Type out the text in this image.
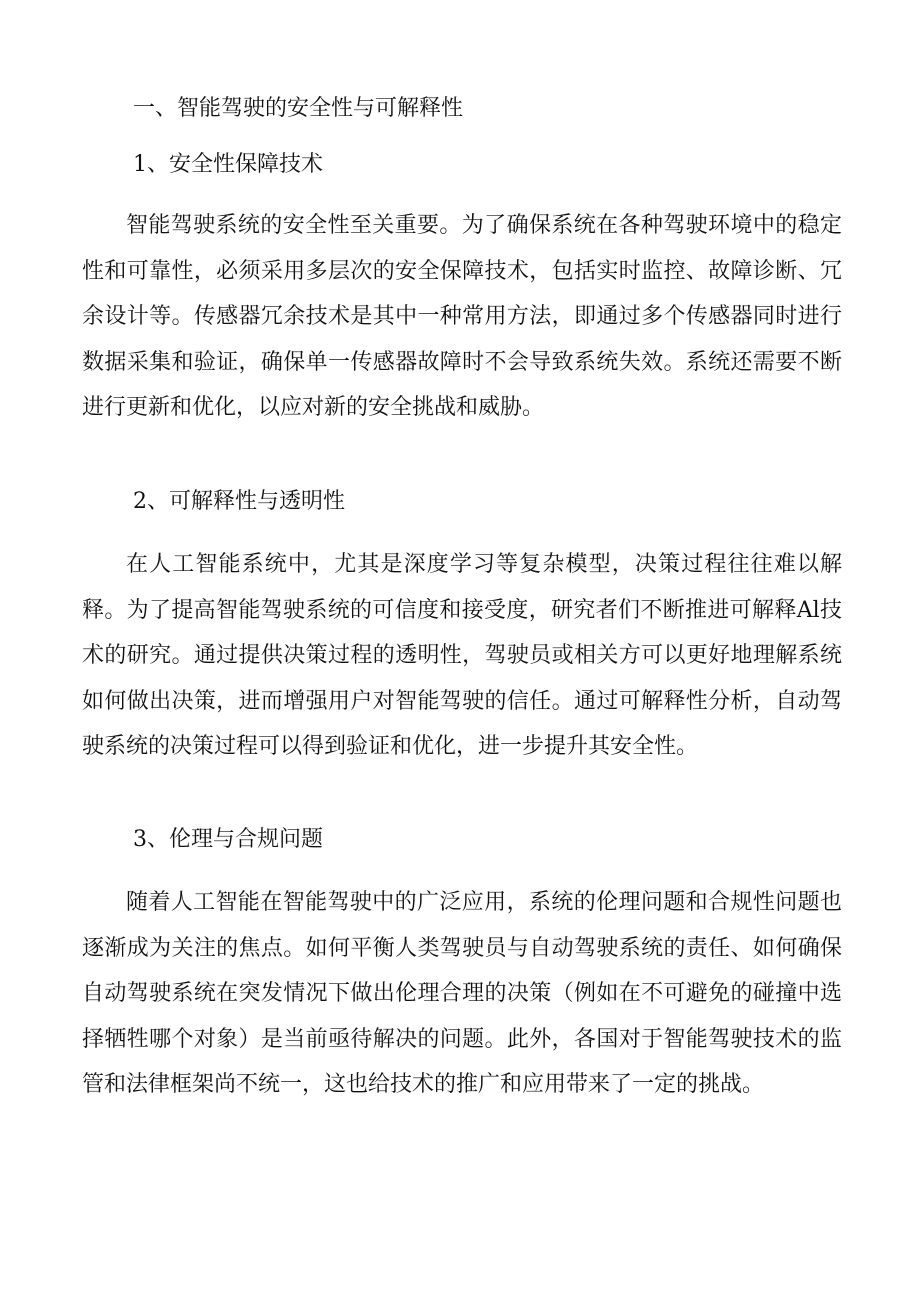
一、智能驾驶的安全性与可解释性
1、安全性保障技术

智能驾驶系统的安全性至关重要。为了确保系统在各种驾驶环境中的稳定性和可靠性，必须采用多层次的安全保障技术，包括实时监控、故障诊断、冗余设计等。传感器冗余技术是其中一种常用方法，即通过多个传感器同时进行数据采集和验证，确保单一传感器故障时不会导致系统失效。系统还需要不断进行更新和优化，以应对新的安全挑战和威胁。

2、可解释性与透明性

在人工智能系统中，尤其是深度学习等复杂模型，决策过程往往难以解释。为了提高智能驾驶系统的可信度和接受度，研究者们不断推进可解释Al技术的研究。通过提供决策过程的透明性，驾驶员或相关方可以更好地理解系统如何做出决策，进而增强用户对智能驾驶的信任。通过可解释性分析，自动驾驶系统的决策过程可以得到验证和优化，进一步提升其安全性。

3、伦理与合规问题

随着人工智能在智能驾驶中的广泛应用，系统的伦理问题和合规性问题也逐渐成为关注的焦点。如何平衡人类驾驶员与自动驾驶系统的责任、如何确保自动驾驶系统在突发情况下做出伦理合理的决策（例如在不可避免的碰撞中选择牺牲哪个对象）是当前亟待解决的问题。此外，各国对于智能驾驶技术的监管和法律框架尚不统一，这也给技术的推广和应用带来了一定的挑战。
